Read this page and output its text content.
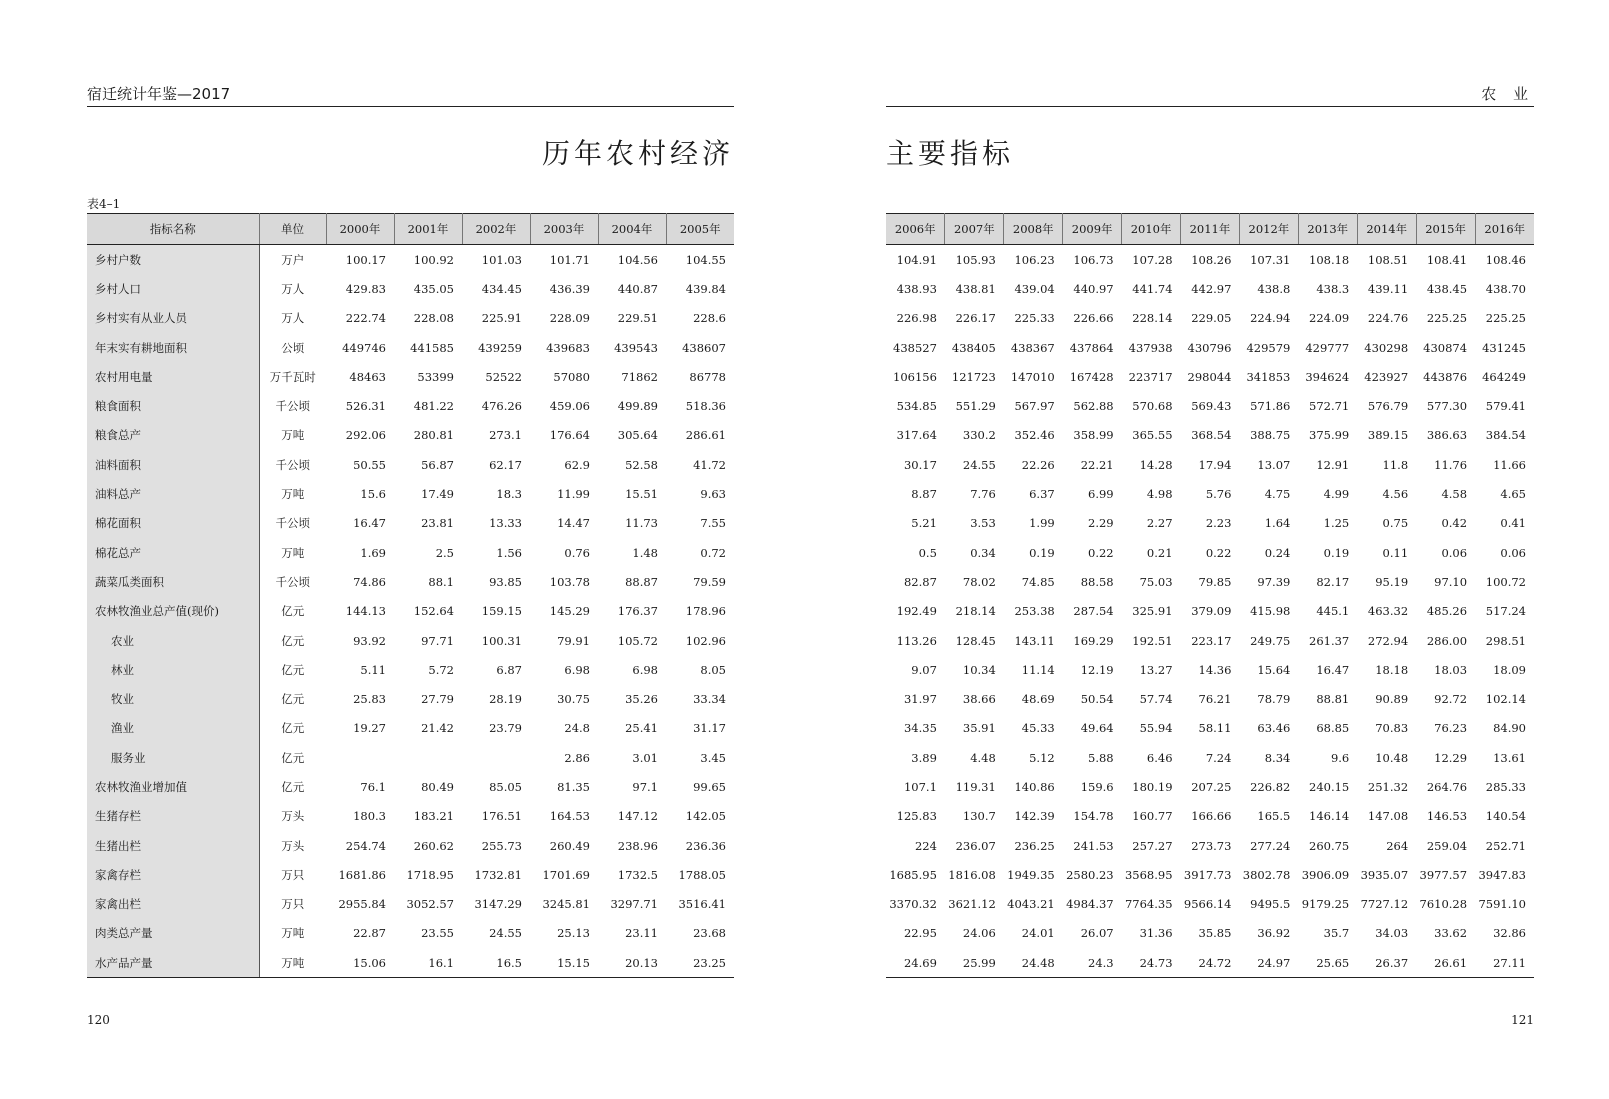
宿迁统计年鉴—2017
历年农村经济
表4–1
指标名称	单位	2000年	2001年	2002年	2003年	2004年	2005年
乡村户数	万户	100.17	100.92	101.03	101.71	104.56	104.55
乡村人口	万人	429.83	435.05	434.45	436.39	440.87	439.84
乡村实有从业人员	万人	222.74	228.08	225.91	228.09	229.51	228.6
年末实有耕地面积	公顷	449746	441585	439259	439683	439543	438607
农村用电量	万千瓦时	48463	53399	52522	57080	71862	86778
粮食面积	千公顷	526.31	481.22	476.26	459.06	499.89	518.36
粮食总产	万吨	292.06	280.81	273.1	176.64	305.64	286.61
油料面积	千公顷	50.55	56.87	62.17	62.9	52.58	41.72
油料总产	万吨	15.6	17.49	18.3	11.99	15.51	9.63
棉花面积	千公顷	16.47	23.81	13.33	14.47	11.73	7.55
棉花总产	万吨	1.69	2.5	1.56	0.76	1.48	0.72
蔬菜瓜类面积	千公顷	74.86	88.1	93.85	103.78	88.87	79.59
农林牧渔业总产值(现价)	亿元	144.13	152.64	159.15	145.29	176.37	178.96
农业	亿元	93.92	97.71	100.31	79.91	105.72	102.96
林业	亿元	5.11	5.72	6.87	6.98	6.98	8.05
牧业	亿元	25.83	27.79	28.19	30.75	35.26	33.34
渔业	亿元	19.27	21.42	23.79	24.8	25.41	31.17
服务业	亿元				2.86	3.01	3.45
农林牧渔业增加值	亿元	76.1	80.49	85.05	81.35	97.1	99.65
生猪存栏	万头	180.3	183.21	176.51	164.53	147.12	142.05
生猪出栏	万头	254.74	260.62	255.73	260.49	238.96	236.36
家禽存栏	万只	1681.86	1718.95	1732.81	1701.69	1732.5	1788.05
家禽出栏	万只	2955.84	3052.57	3147.29	3245.81	3297.71	3516.41
肉类总产量	万吨	22.87	23.55	24.55	25.13	23.11	23.68
水产品产量	万吨	15.06	16.1	16.5	15.15	20.13	23.25
120
农 业
主要指标
2006年	2007年	2008年	2009年	2010年	2011年	2012年	2013年	2014年	2015年	2016年
104.91	105.93	106.23	106.73	107.28	108.26	107.31	108.18	108.51	108.41	108.46
438.93	438.81	439.04	440.97	441.74	442.97	438.8	438.3	439.11	438.45	438.70
226.98	226.17	225.33	226.66	228.14	229.05	224.94	224.09	224.76	225.25	225.25
438527	438405	438367	437864	437938	430796	429579	429777	430298	430874	431245
106156	121723	147010	167428	223717	298044	341853	394624	423927	443876	464249
534.85	551.29	567.97	562.88	570.68	569.43	571.86	572.71	576.79	577.30	579.41
317.64	330.2	352.46	358.99	365.55	368.54	388.75	375.99	389.15	386.63	384.54
30.17	24.55	22.26	22.21	14.28	17.94	13.07	12.91	11.8	11.76	11.66
8.87	7.76	6.37	6.99	4.98	5.76	4.75	4.99	4.56	4.58	4.65
5.21	3.53	1.99	2.29	2.27	2.23	1.64	1.25	0.75	0.42	0.41
0.5	0.34	0.19	0.22	0.21	0.22	0.24	0.19	0.11	0.06	0.06
82.87	78.02	74.85	88.58	75.03	79.85	97.39	82.17	95.19	97.10	100.72
192.49	218.14	253.38	287.54	325.91	379.09	415.98	445.1	463.32	485.26	517.24
113.26	128.45	143.11	169.29	192.51	223.17	249.75	261.37	272.94	286.00	298.51
9.07	10.34	11.14	12.19	13.27	14.36	15.64	16.47	18.18	18.03	18.09
31.97	38.66	48.69	50.54	57.74	76.21	78.79	88.81	90.89	92.72	102.14
34.35	35.91	45.33	49.64	55.94	58.11	63.46	68.85	70.83	76.23	84.90
3.89	4.48	5.12	5.88	6.46	7.24	8.34	9.6	10.48	12.29	13.61
107.1	119.31	140.86	159.6	180.19	207.25	226.82	240.15	251.32	264.76	285.33
125.83	130.7	142.39	154.78	160.77	166.66	165.5	146.14	147.08	146.53	140.54
224	236.07	236.25	241.53	257.27	273.73	277.24	260.75	264	259.04	252.71
1685.95	1816.08	1949.35	2580.23	3568.95	3917.73	3802.78	3906.09	3935.07	3977.57	3947.83
3370.32	3621.12	4043.21	4984.37	7764.35	9566.14	9495.5	9179.25	7727.12	7610.28	7591.10
22.95	24.06	24.01	26.07	31.36	35.85	36.92	35.7	34.03	33.62	32.86
24.69	25.99	24.48	24.3	24.73	24.72	24.97	25.65	26.37	26.61	27.11
121
